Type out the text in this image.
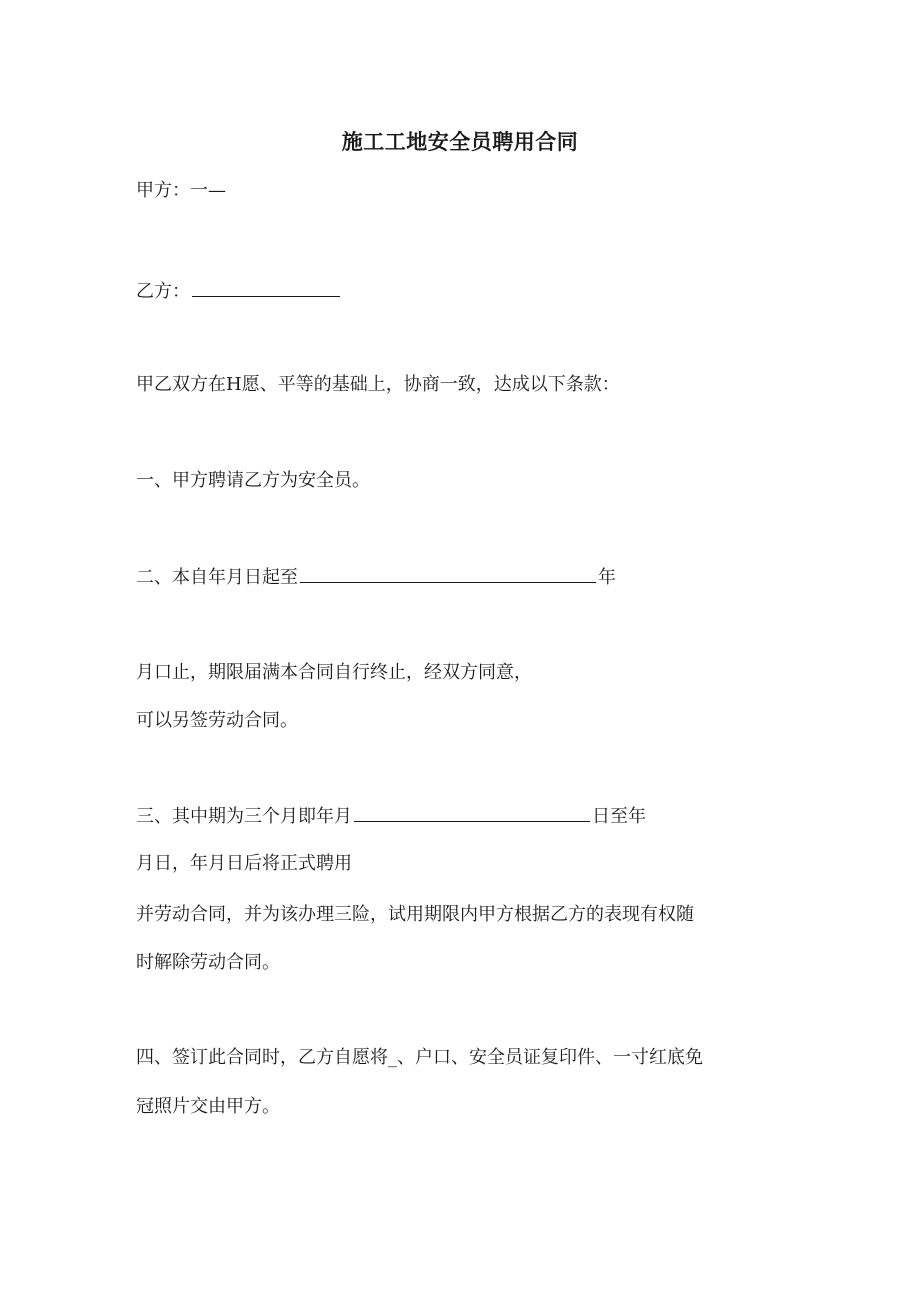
施工工地安全员聘用合同
甲方：一—
乙方：
甲乙双方在H愿、平等的基础上，协商一致，达成以下条款：
一、甲方聘请乙方为安全员。
二、本自年月日起至	年
月口止，期限届满本合同自行终止，经双方同意，
可以另签劳动合同。
三、其中期为三个月即年月	日至年
月日，年月日后将正式聘用
并劳动合同，并为该办理三险，试用期限内甲方根据乙方的表现有权随
时解除劳动合同。
四、签订此合同时，乙方自愿将_、户口、安全员证复印件、一寸红底免
冠照片交由甲方。
